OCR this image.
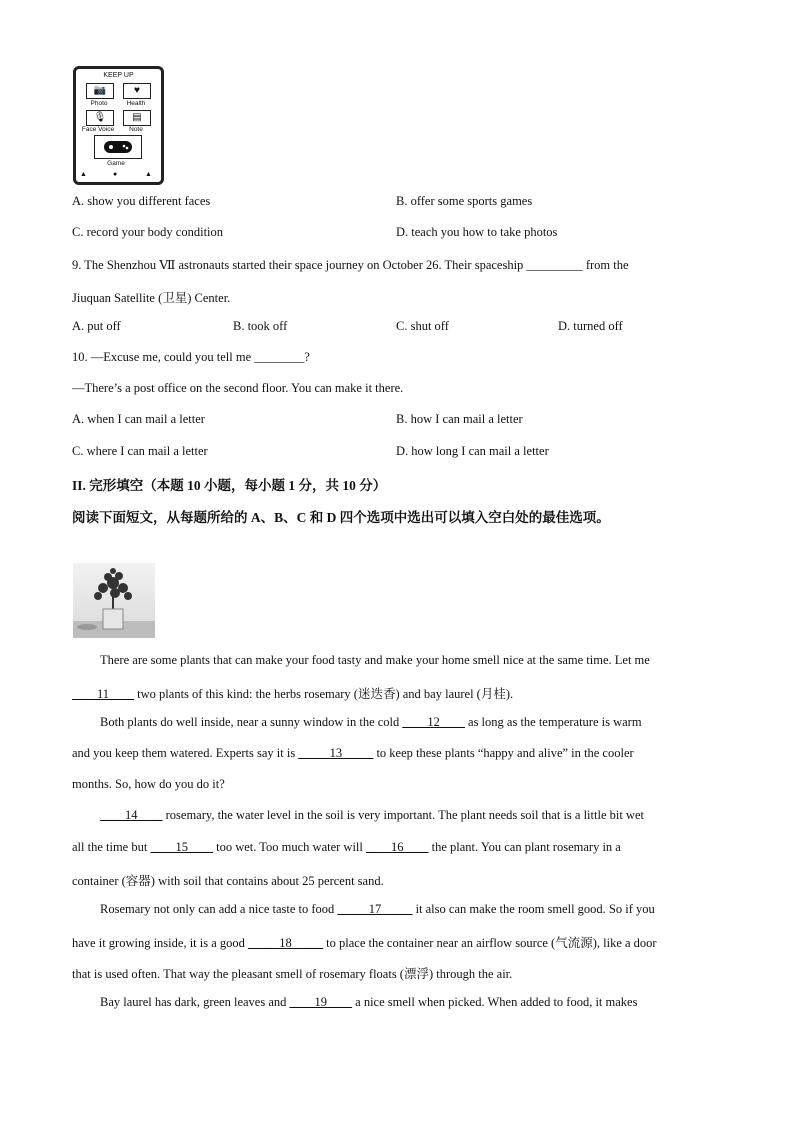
KEEP UP
📷
Photo
♥
Health
🎙
Face Voice
▤
Note
Game
▲	●	▲
A. show you different faces	B. offer some sports games
C. record your body condition	D. teach you how to take photos
9. The Shenzhou Ⅶ astronauts started their space journey on October 26. Their spaceship _________ from the
Jiuquan Satellite (卫星) Center.
A. put off	B. took off	C. shut off	D. turned off
10. —Excuse me, could you tell me ________?
—There’s a post office on the second floor. You can make it there.
A. when I can mail a letter	B. how I can mail a letter
C. where I can mail a letter	D. how long I can mail a letter
II. 完形填空（本题 10 小题，每小题 1 分，共 10 分）
阅读下面短文，从每题所给的 A、B、C 和 D 四个选项中选出可以填入空白处的最佳选项。
There are some plants that can make your food tasty and make your home smell nice at the same time. Let me
____11____ two plants of this kind: the herbs rosemary (迷迭香) and bay laurel (月桂).
Both plants do well inside, near a sunny window in the cold ____12____ as long as the temperature is warm
and you keep them watered. Experts say it is _____13_____ to keep these plants “happy and alive” in the cooler
months. So, how do you do it?
____14____ rosemary, the water level in the soil is very important. The plant needs soil that is a little bit wet
all the time but ____15____ too wet. Too much water will ____16____ the plant. You can plant rosemary in a
container (容器) with soil that contains about 25 percent sand.
Rosemary not only can add a nice taste to food _____17_____ it also can make the room smell good. So if you
have it growing inside, it is a good _____18_____ to place the container near an airflow source (气流源), like a door
that is used often. That way the pleasant smell of rosemary floats (漂浮) through the air.
Bay laurel has dark, green leaves and ____19____ a nice smell when picked. When added to food, it makes
